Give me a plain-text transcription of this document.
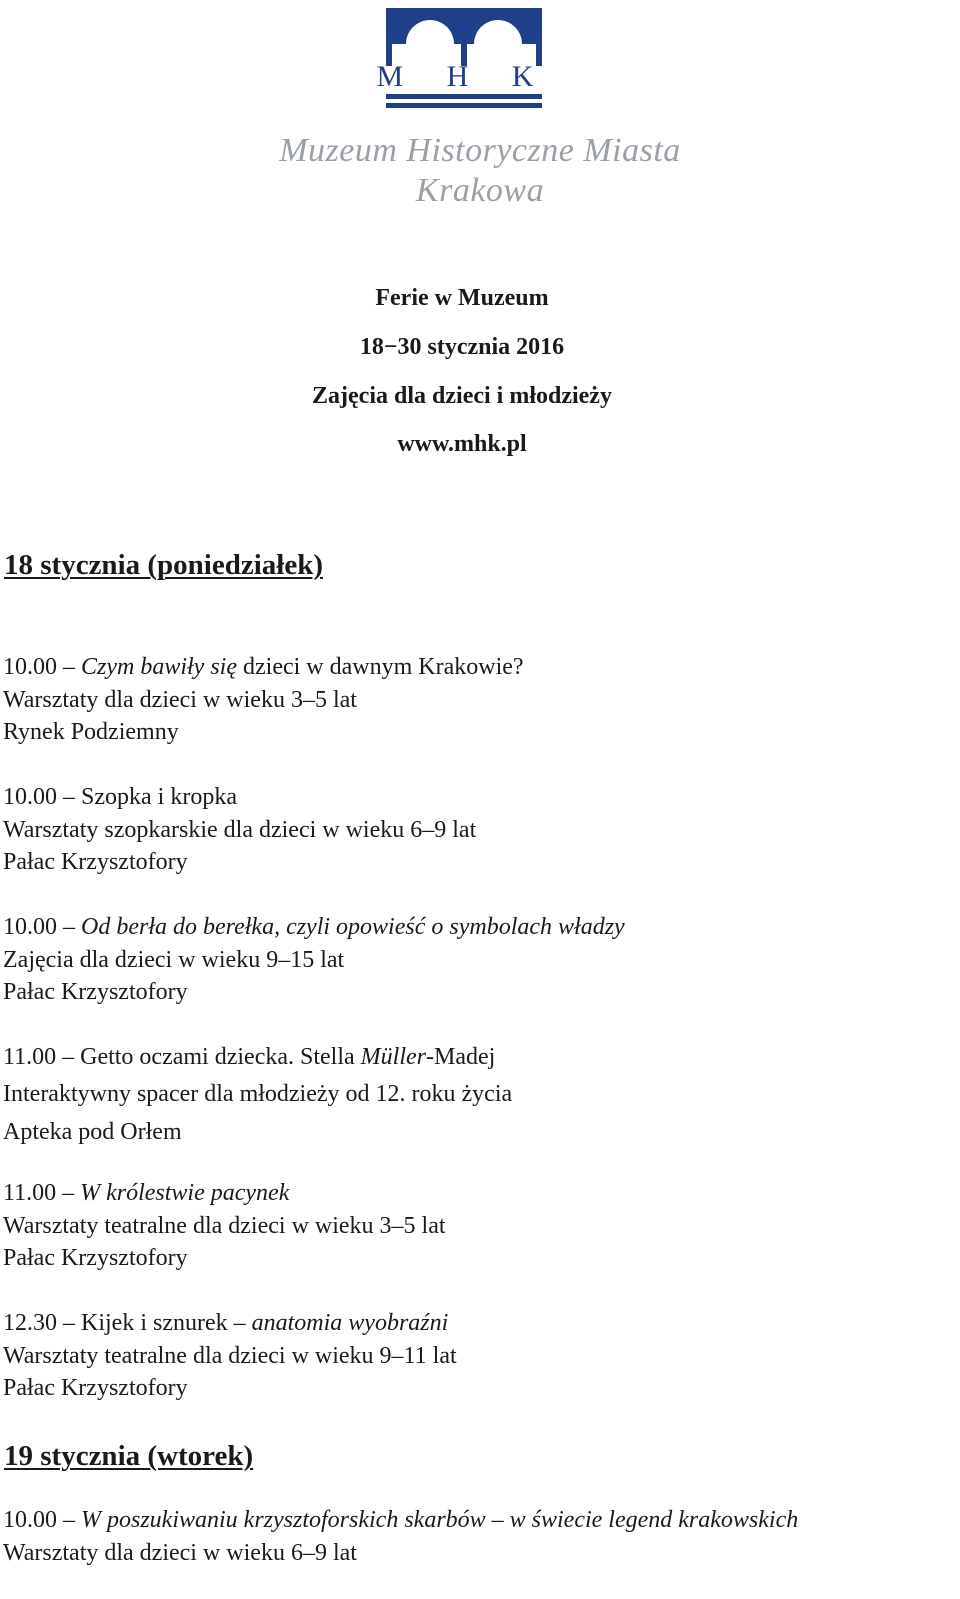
M H K
Muzeum Historyczne Miasta
Krakowa
Ferie w Muzeum
18−30 stycznia 2016
Zajęcia dla dzieci i młodzieży
www.mhk.pl
18 stycznia (poniedziałek)
10.00 – Czym bawiły się dzieci w dawnym Krakowie?
Warsztaty dla dzieci w wieku 3–5 lat
Rynek Podziemny
10.00 – Szopka i kropka
Warsztaty szopkarskie dla dzieci w wieku 6–9 lat
Pałac Krzysztofory
10.00 – Od berła do berełka, czyli opowieść o symbolach władzy
Zajęcia dla dzieci w wieku 9–15 lat
Pałac Krzysztofory
11.00 – Getto oczami dziecka. Stella Müller-Madej
Interaktywny spacer dla młodzieży od 12. roku życia
Apteka pod Orłem
11.00 – W królestwie pacynek
Warsztaty teatralne dla dzieci w wieku 3–5 lat
Pałac Krzysztofory
12.30 – Kijek i sznurek – anatomia wyobraźni
Warsztaty teatralne dla dzieci w wieku 9–11 lat
Pałac Krzysztofory
19 stycznia (wtorek)
10.00 – W poszukiwaniu krzysztoforskich skarbów – w świecie legend krakowskich
Warsztaty dla dzieci w wieku 6–9 lat
